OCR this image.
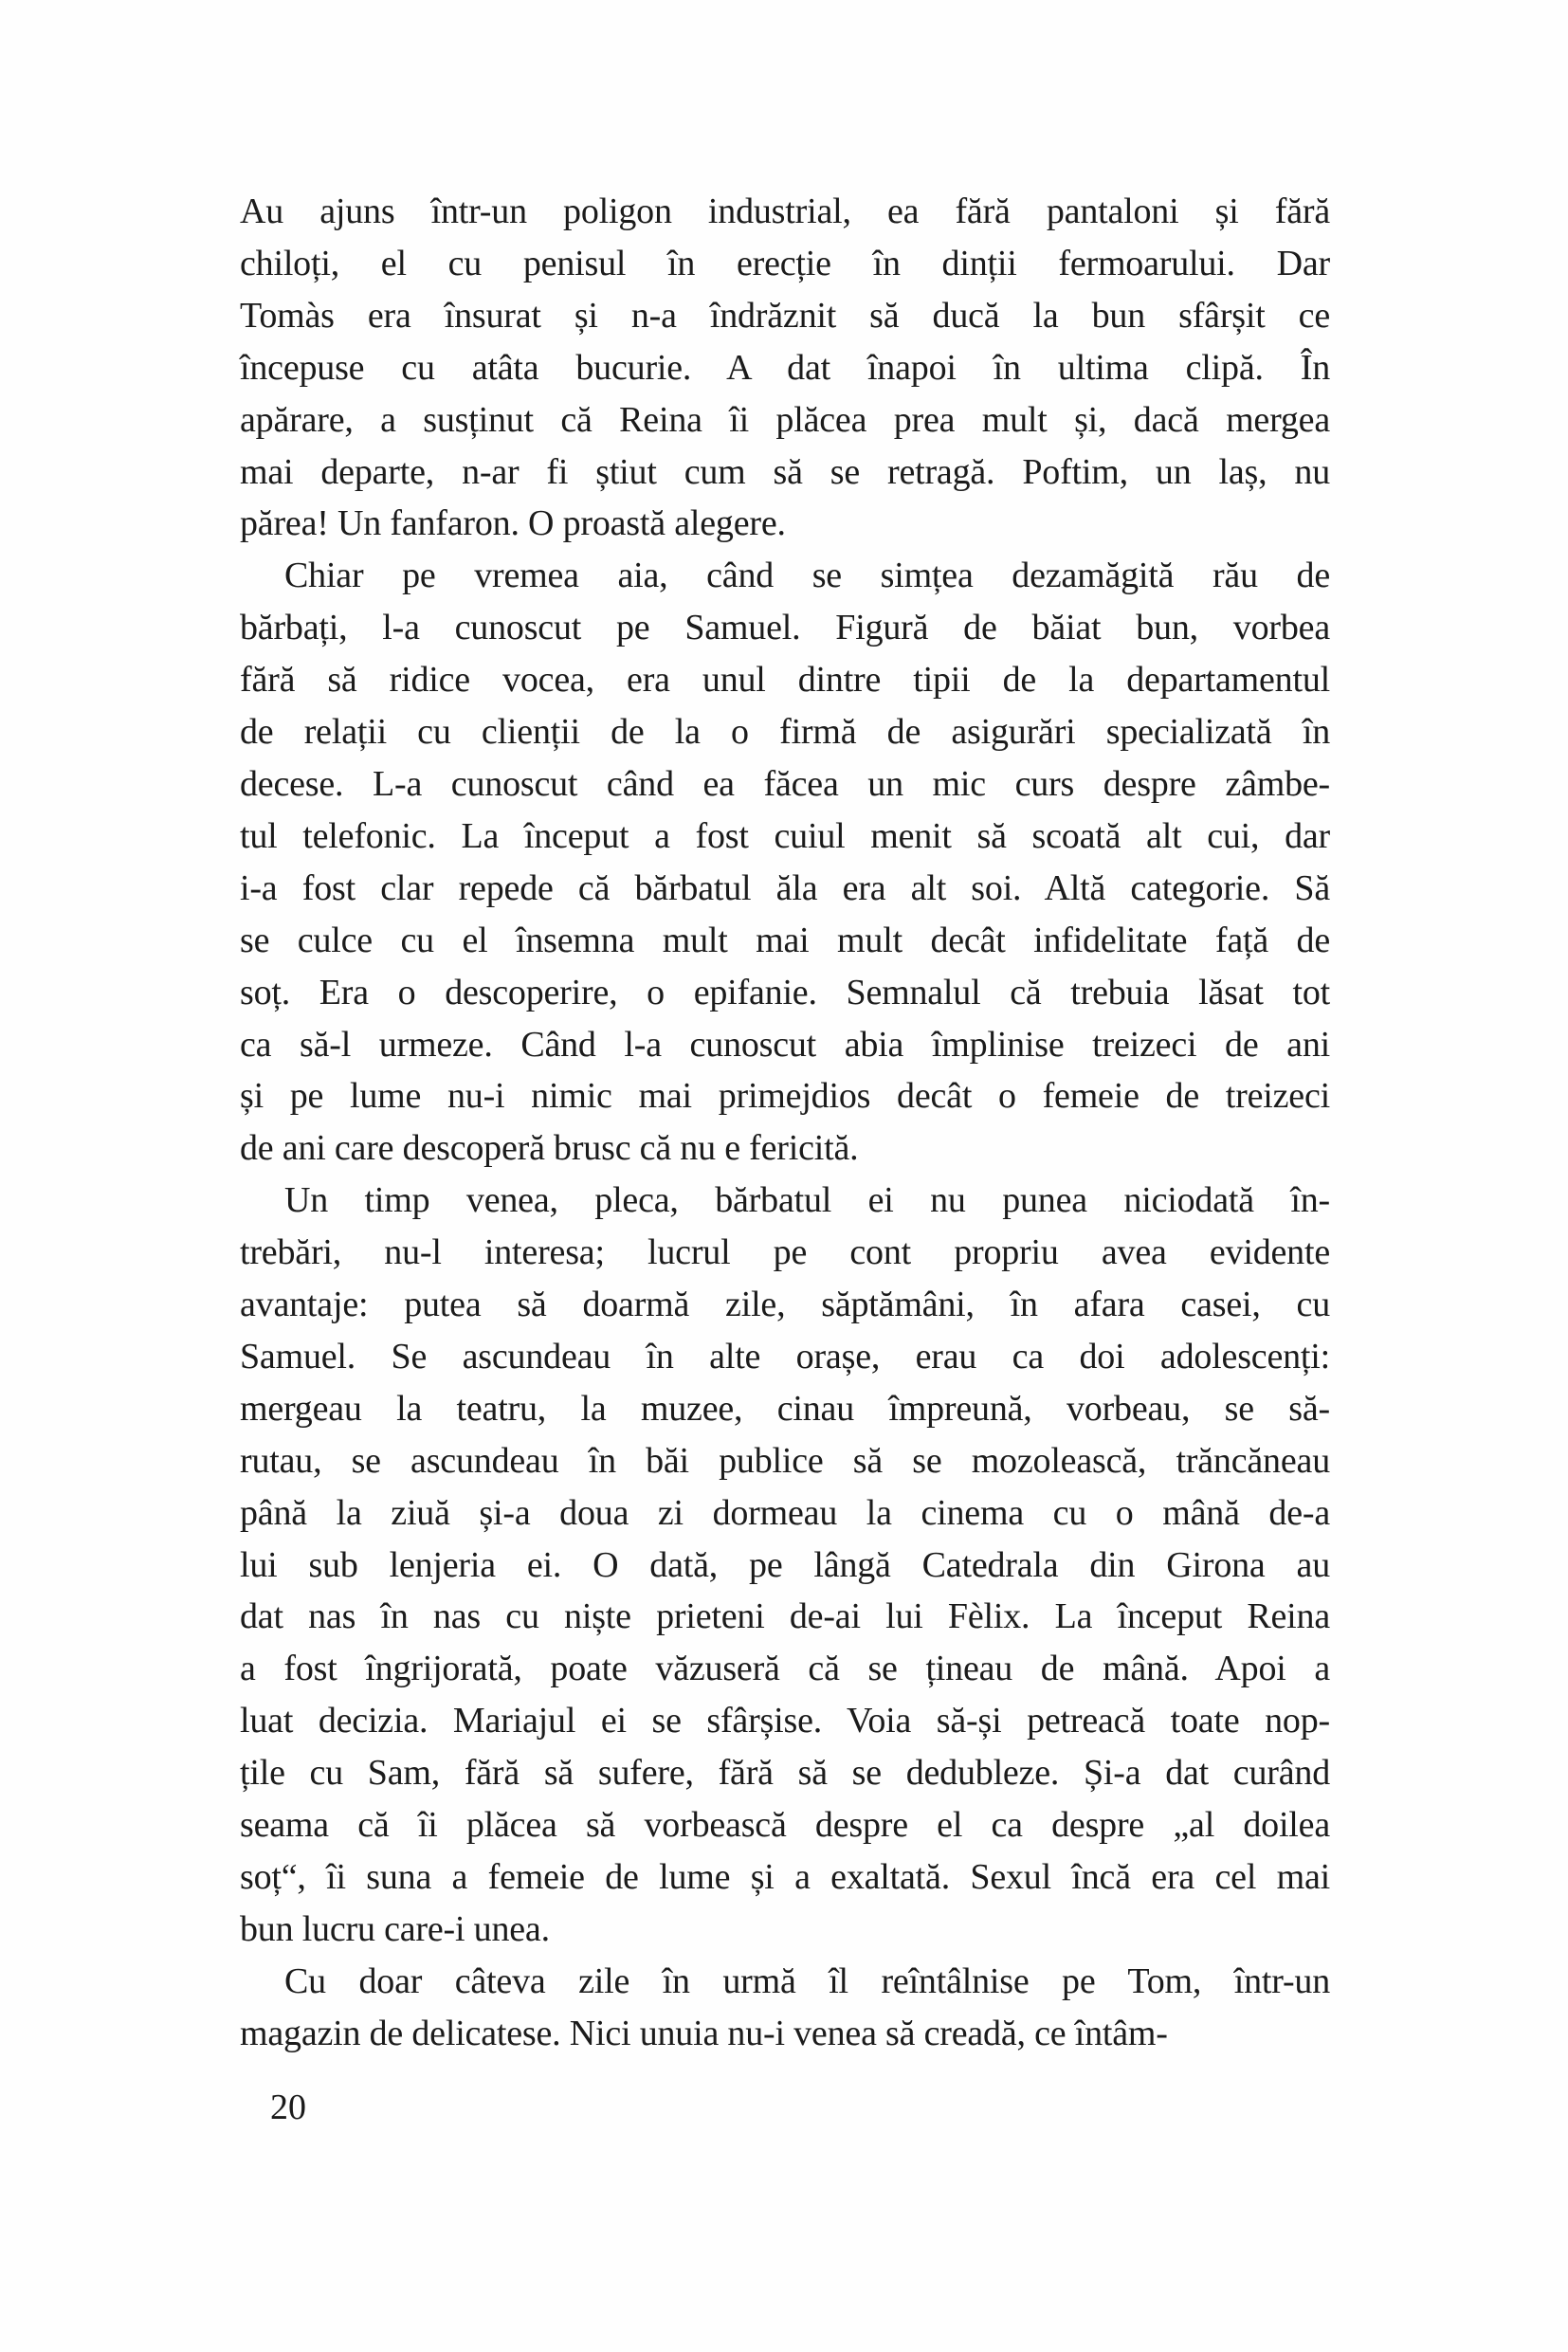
Au ajuns într-un poligon industrial, ea fără pantaloni și fără
chiloți, el cu penisul în erecție în dinții fermoarului. Dar
Tomàs era însurat și n-a îndrăznit să ducă la bun sfârșit ce
începuse cu atâta bucurie. A dat înapoi în ultima clipă. În
apărare, a susținut că Reina îi plăcea prea mult și, dacă mergea
mai departe, n-ar fi știut cum să se retragă. Poftim, un laș, nu
părea! Un fanfaron. O proastă alegere.
Chiar pe vremea aia, când se simțea dezamăgită rău de
bărbați, l-a cunoscut pe Samuel. Figură de băiat bun, vorbea
fără să ridice vocea, era unul dintre tipii de la departamentul
de relații cu clienții de la o firmă de asigurări specializată în
decese. L-a cunoscut când ea făcea un mic curs despre zâmbe-
tul telefonic. La început a fost cuiul menit să scoată alt cui, dar
i-a fost clar repede că bărbatul ăla era alt soi. Altă categorie. Să
se culce cu el însemna mult mai mult decât infidelitate față de
soț. Era o descoperire, o epifanie. Semnalul că trebuia lăsat tot
ca să-l urmeze. Când l-a cunoscut abia împlinise treizeci de ani
și pe lume nu-i nimic mai primejdios decât o femeie de treizeci
de ani care descoperă brusc că nu e fericită.
Un timp venea, pleca, bărbatul ei nu punea niciodată în-
trebări, nu-l interesa; lucrul pe cont propriu avea evidente
avantaje: putea să doarmă zile, săptămâni, în afara casei, cu
Samuel. Se ascundeau în alte orașe, erau ca doi adolescenți:
mergeau la teatru, la muzee, cinau împreună, vorbeau, se să-
rutau, se ascundeau în băi publice să se mozolească, trăncăneau
până la ziuă și-a doua zi dormeau la cinema cu o mână de-a
lui sub lenjeria ei. O dată, pe lângă Catedrala din Girona au
dat nas în nas cu niște prieteni de-ai lui Fèlix. La început Reina
a fost îngrijorată, poate văzuseră că se țineau de mână. Apoi a
luat decizia. Mariajul ei se sfârșise. Voia să-și petreacă toate nop-
țile cu Sam, fără să sufere, fără să se dedubleze. Și-a dat curând
seama că îi plăcea să vorbească despre el ca despre „al doilea
soț“, îi suna a femeie de lume și a exaltată. Sexul încă era cel mai
bun lucru care-i unea.
Cu doar câteva zile în urmă îl reîntâlnise pe Tom, într-un
magazin de delicatese. Nici unuia nu-i venea să creadă, ce întâm-
20
